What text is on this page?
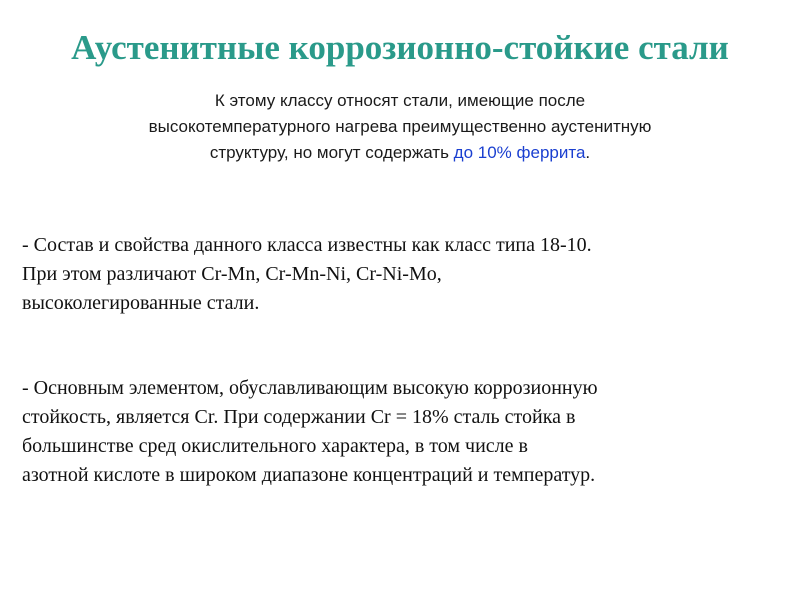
Аустенитные коррозионно-стойкие стали
К этому классу относят стали, имеющие после
высокотемпературного нагрева преимущественно аустенитную
структуру, но могут содержать до 10% феррита.
- Состав и свойства данного класса известны как класс типа 18-10.
При этом различают Cr-Mn, Cr-Mn-Ni, Cr-Ni-Mo,
высоколегированные стали.
- Основным элементом, обуславливающим высокую коррозионную
стойкость, является Cr. При содержании Cr = 18% сталь стойка в
большинстве сред окислительного характера, в том числе в
азотной кислоте в широком диапазоне концентраций и температур.
